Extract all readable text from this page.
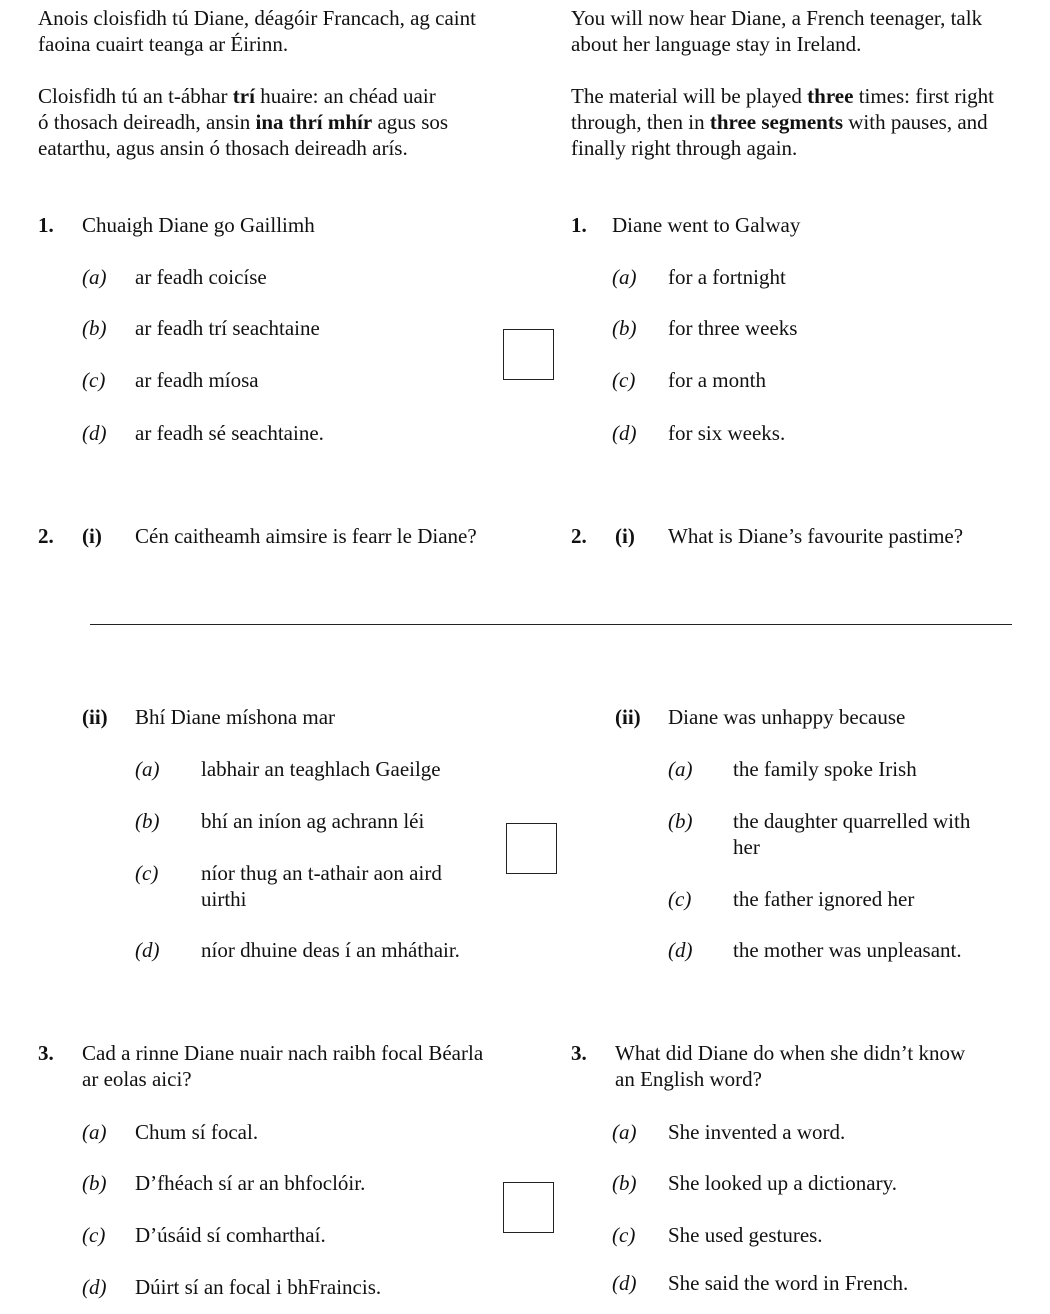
Anois cloisfidh tú Diane, déagóir Francach, ag caint
faoina cuairt teanga ar Éirinn.
Cloisfidh tú an t-ábhar trí huaire: an chéad uair
ó thosach deireadh, ansin ina thrí mhír agus sos
eatarthu, agus ansin ó thosach deireadh arís.
You will now hear Diane, a French teenager, talk
about her language stay in Ireland.
The material will be played three times: first right
through, then in three segments with pauses, and
finally right through again.
1. Chuaigh Diane go Gaillimh	1. Diane went to Galway
(a) ar feadh coicíse	(a) for a fortnight
(b) ar feadh trí seachtaine	(b) for three weeks
(c) ar feadh míosa	(c) for a month
(d) ar feadh sé seachtaine.	(d) for six weeks.
2. (i) Cén caitheamh aimsire is fearr le Diane?	2. (i) What is Diane’s favourite pastime?
(ii) Bhí Diane míshona mar	(ii) Diane was unhappy because
(a) labhair an teaghlach Gaeilge	(a) the family spoke Irish
(b) bhí an iníon ag achrann léi	(b) the daughter quarrelled with
her
(c) níor thug an t-athair aon aird
uirthi	(c) the father ignored her
(d) níor dhuine deas í an mháthair.	(d) the mother was unpleasant.
3. Cad a rinne Diane nuair nach raibh focal Béarla
ar eolas aici?
3. What did Diane do when she didn’t know
an English word?
(a) Chum sí focal.	(a) She invented a word.
(b) D’fhéach sí ar an bhfoclóir.	(b) She looked up a dictionary.
(c) D’úsáid sí comharthaí.	(c) She used gestures.
(d) Dúirt sí an focal i bhFraincis.	(d) She said the word in French.
